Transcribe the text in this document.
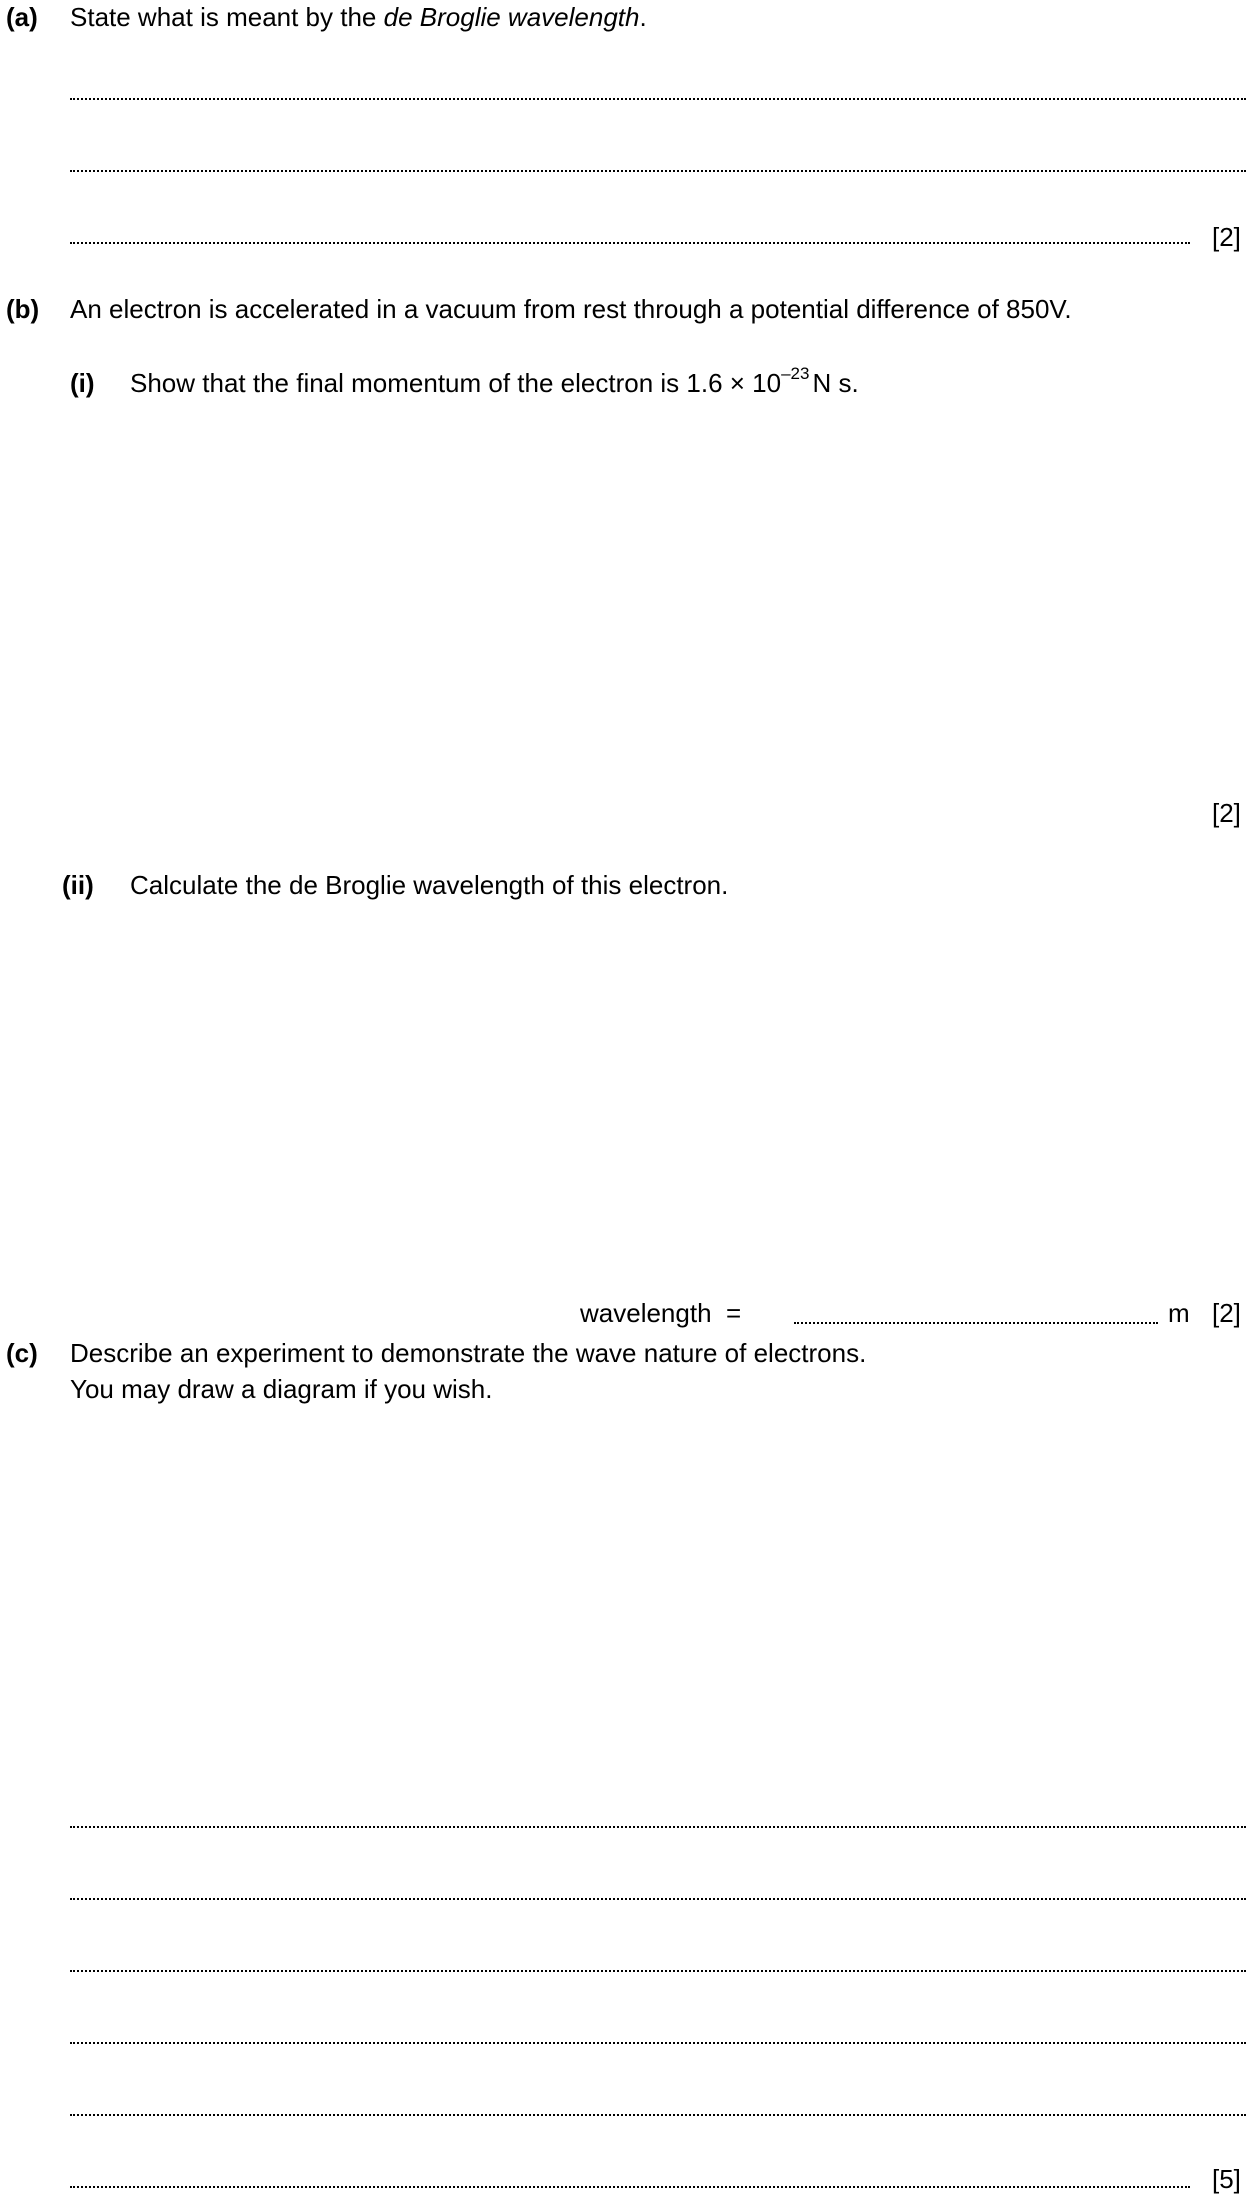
(a) State what is meant by the de Broglie wavelength.
[2]
(b) An electron is accelerated in a vacuum from rest through a potential difference of 850V.
(i) Show that the final momentum of the electron is $1.6 \times 10^{-23}$ N s.
[2]
(ii) Calculate the de Broglie wavelength of this electron.
wavelength  =	m [2]
(c) Describe an experiment to demonstrate the wave nature of electrons.
You may draw a diagram if you wish.
[5]
